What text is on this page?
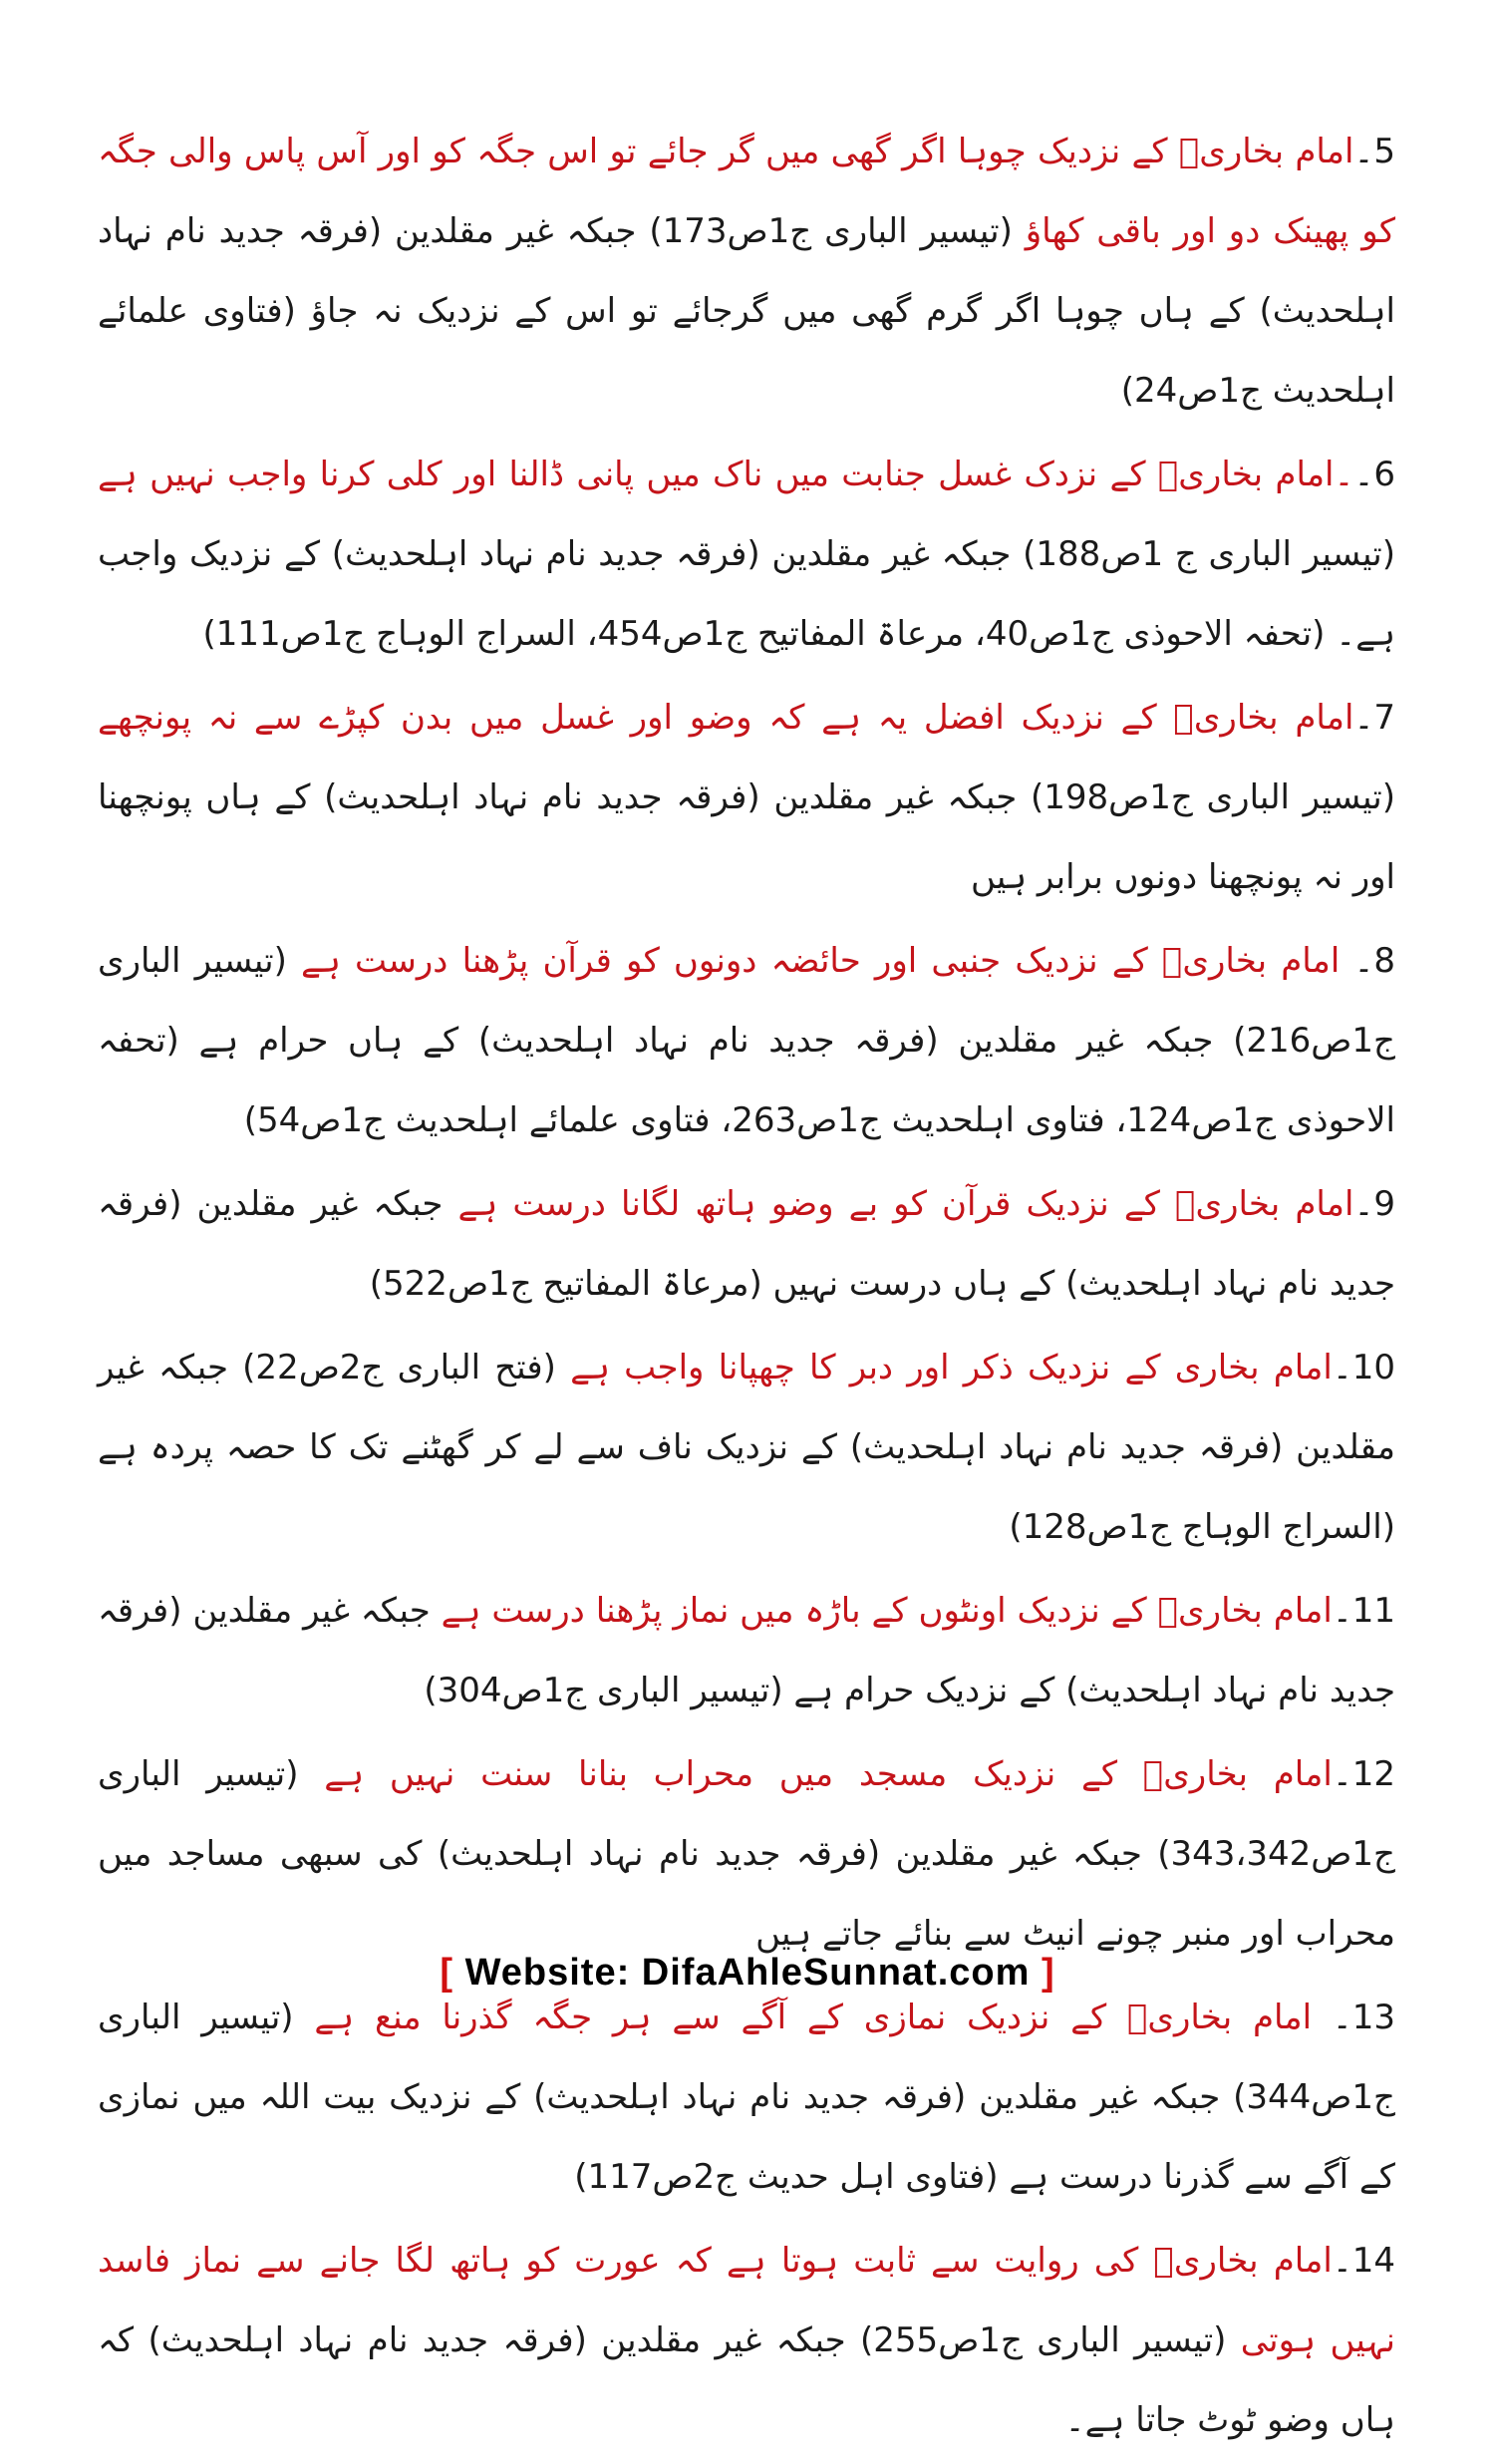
5۔امام بخاریؒ کے نزدیک چوہا اگر گھی میں گر جائے تو اس جگہ کو اور آس پاس والی جگہ کو پھینک دو اور باقی کھاؤ (تیسیر الباری ج1ص173) جبکہ غیر مقلدین (فرقہ جدید نام نہاد اہلحدیث) کے ہاں چوہا اگر گرم گھی میں گرجائے تو اس کے نزدیک نہ جاؤ (فتاوی علمائے اہلحدیث ج1ص24)

6۔۔امام بخاریؒ کے نزدک غسل جنابت میں ناک میں پانی ڈالنا اور کلی کرنا واجب نہیں ہے (تیسیر الباری ج 1ص188) جبکہ غیر مقلدین (فرقہ جدید نام نہاد اہلحدیث) کے نزدیک واجب ہے۔ (تحفہ الاحوذی ج1ص40، مرعاۃ المفاتیح ج1ص454، السراج الوہاج ج1ص111)

7۔امام بخاریؒ کے نزدیک افضل یہ ہے کہ وضو اور غسل میں بدن کپڑے سے نہ پونچھے (تیسیر الباری ج1ص198) جبکہ غیر مقلدین (فرقہ جدید نام نہاد اہلحدیث) کے ہاں پونچھنا اور نہ پونچھنا دونوں برابر ہیں

8۔ امام بخاریؒ کے نزدیک جنبی اور حائضہ دونوں کو قرآن پڑھنا درست ہے (تیسیر الباری ج1ص216) جبکہ غیر مقلدین (فرقہ جدید نام نہاد اہلحدیث) کے ہاں حرام ہے (تحفہ الاحوذی ج1ص124، فتاوی اہلحدیث ج1ص263، فتاوی علمائے اہلحدیث ج1ص54)

9۔امام بخاریؒ کے نزدیک قرآن کو بے وضو ہاتھ لگانا درست ہے جبکہ غیر مقلدین (فرقہ جدید نام نہاد اہلحدیث) کے ہاں درست نہیں (مرعاۃ المفاتیح ج1ص522)

10۔امام بخاری کے نزدیک ذکر اور دبر کا چھپانا واجب ہے (فتح الباری ج2ص22) جبکہ غیر مقلدین (فرقہ جدید نام نہاد اہلحدیث) کے نزدیک ناف سے لے کر گھٹنے تک کا حصہ پردہ ہے (السراج الوہاج ج1ص128)

11۔امام بخاریؒ کے نزدیک اونٹوں کے باڑہ میں نماز پڑھنا درست ہے جبکہ غیر مقلدین (فرقہ جدید نام نہاد اہلحدیث) کے نزدیک حرام ہے (تیسیر الباری ج1ص304)

12۔امام بخاریؒ کے نزدیک مسجد میں محراب بنانا سنت نہیں ہے (تیسیر الباری ج1ص343،342) جبکہ غیر مقلدین (فرقہ جدید نام نہاد اہلحدیث) کی سبھی مساجد میں محراب اور منبر چونے انیٹ سے بنائے جاتے ہیں

13۔ امام بخاریؒ کے نزدیک نمازی کے آگے سے ہر جگہ گذرنا منع ہے (تیسیر الباری ج1ص344) جبکہ غیر مقلدین (فرقہ جدید نام نہاد اہلحدیث) کے نزدیک بیت اللہ میں نمازی کے آگے سے گذرنا درست ہے (فتاوی اہل حدیث ج2ص117)

14۔امام بخاریؒ کی روایت سے ثابت ہوتا ہے کہ عورت کو ہاتھ لگا جانے سے نماز فاسد نہیں ہوتی (تیسیر الباری ج1ص255) جبکہ غیر مقلدین (فرقہ جدید نام نہاد اہلحدیث) کہ ہاں وضو ٹوٹ جاتا ہے۔

[ Website: DifaAhleSunnat.com ]
